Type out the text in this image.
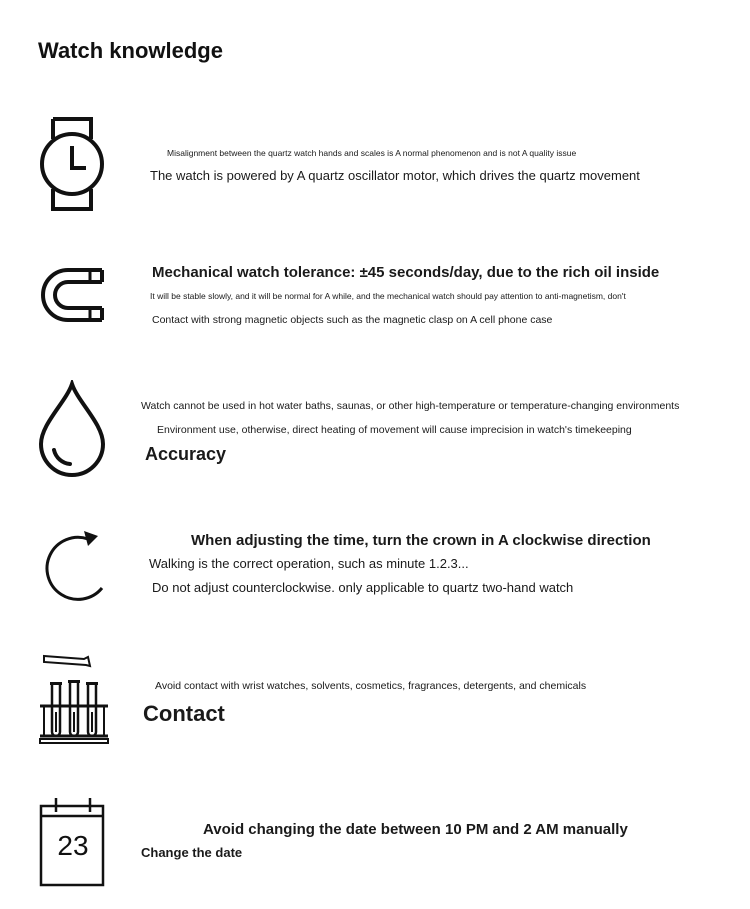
Watch knowledge
Misalignment between the quartz watch hands and scales is A normal phenomenon and is not A quality issue
The watch is powered by A quartz oscillator motor, which drives the quartz movement
Mechanical watch tolerance: ±45 seconds/day, due to the rich oil inside
It will be stable slowly, and it will be normal for A while, and the mechanical watch should pay attention to anti-magnetism, don't
Contact with strong magnetic objects such as the magnetic clasp on A cell phone case
Watch cannot be used in hot water baths, saunas, or other high-temperature or temperature-changing environments
Environment use, otherwise, direct heating of movement will cause imprecision in watch's timekeeping
Accuracy
When adjusting the time, turn the crown in A clockwise direction
Walking is the correct operation, such as minute 1.2.3...
Do not adjust counterclockwise. only applicable to quartz two-hand watch
Avoid contact with wrist watches, solvents, cosmetics, fragrances, detergents, and chemicals
Contact
23
Avoid changing the date between 10 PM and 2 AM manually
Change the date
